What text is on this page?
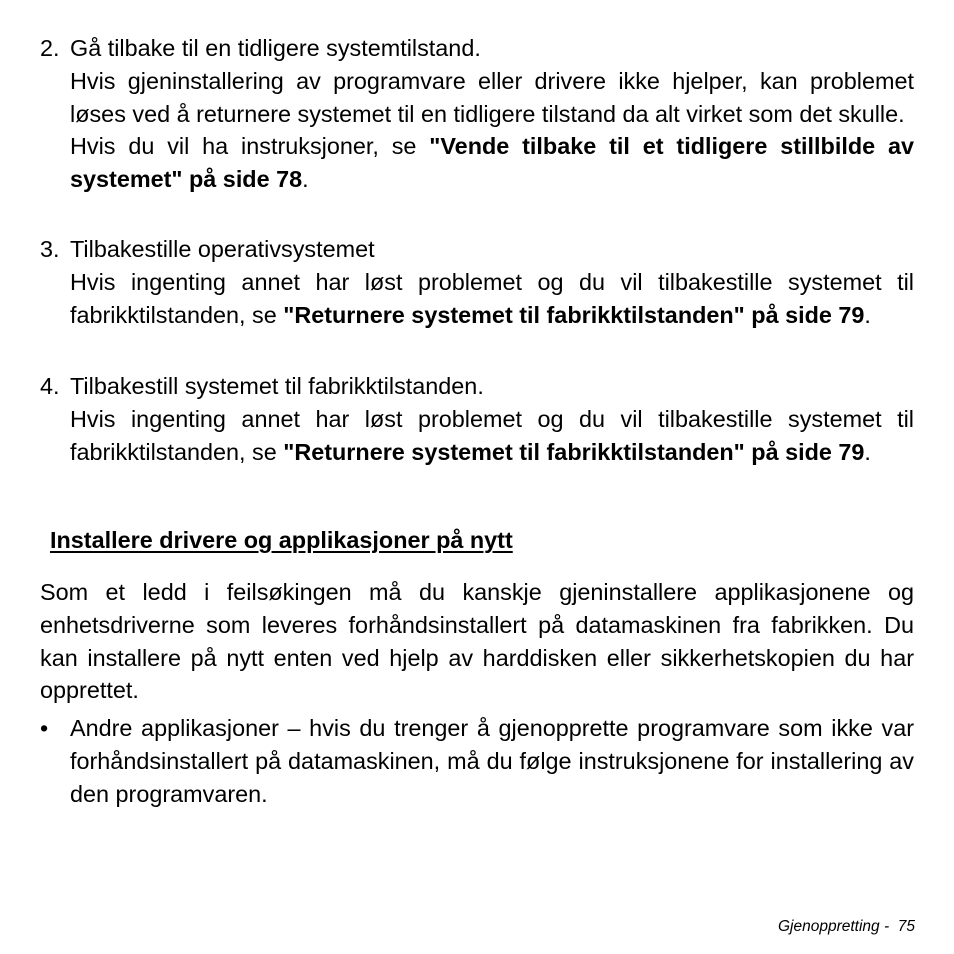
2. Gå tilbake til en tidligere systemtilstand.

Hvis gjeninstallering av programvare eller drivere ikke hjelper, kan problemet løses ved å returnere systemet til en tidligere tilstand da alt virket som det skulle.

Hvis du vil ha instruksjoner, se "Vende tilbake til et tidligere stillbilde av systemet" på side 78.

3. Tilbakestille operativsystemet

Hvis ingenting annet har løst problemet og du vil tilbakestille systemet til fabrikktilstanden, se "Returnere systemet til fabrikktilstanden" på side 79.

4. Tilbakestill systemet til fabrikktilstanden.

Hvis ingenting annet har løst problemet og du vil tilbakestille systemet til fabrikktilstanden, se "Returnere systemet til fabrikktilstanden" på side 79.

Installere drivere og applikasjoner på nytt

Som et ledd i feilsøkingen må du kanskje gjeninstallere applikasjonene og enhetsdriverne som leveres forhåndsinstallert på datamaskinen fra fabrikken. Du kan installere på nytt enten ved hjelp av harddisken eller sikkerhetskopien du har opprettet.

• Andre applikasjoner – hvis du trenger å gjenopprette programvare som ikke var forhåndsinstallert på datamaskinen, må du følge instruksjonene for installering av den programvaren.

Gjenoppretting - 75
